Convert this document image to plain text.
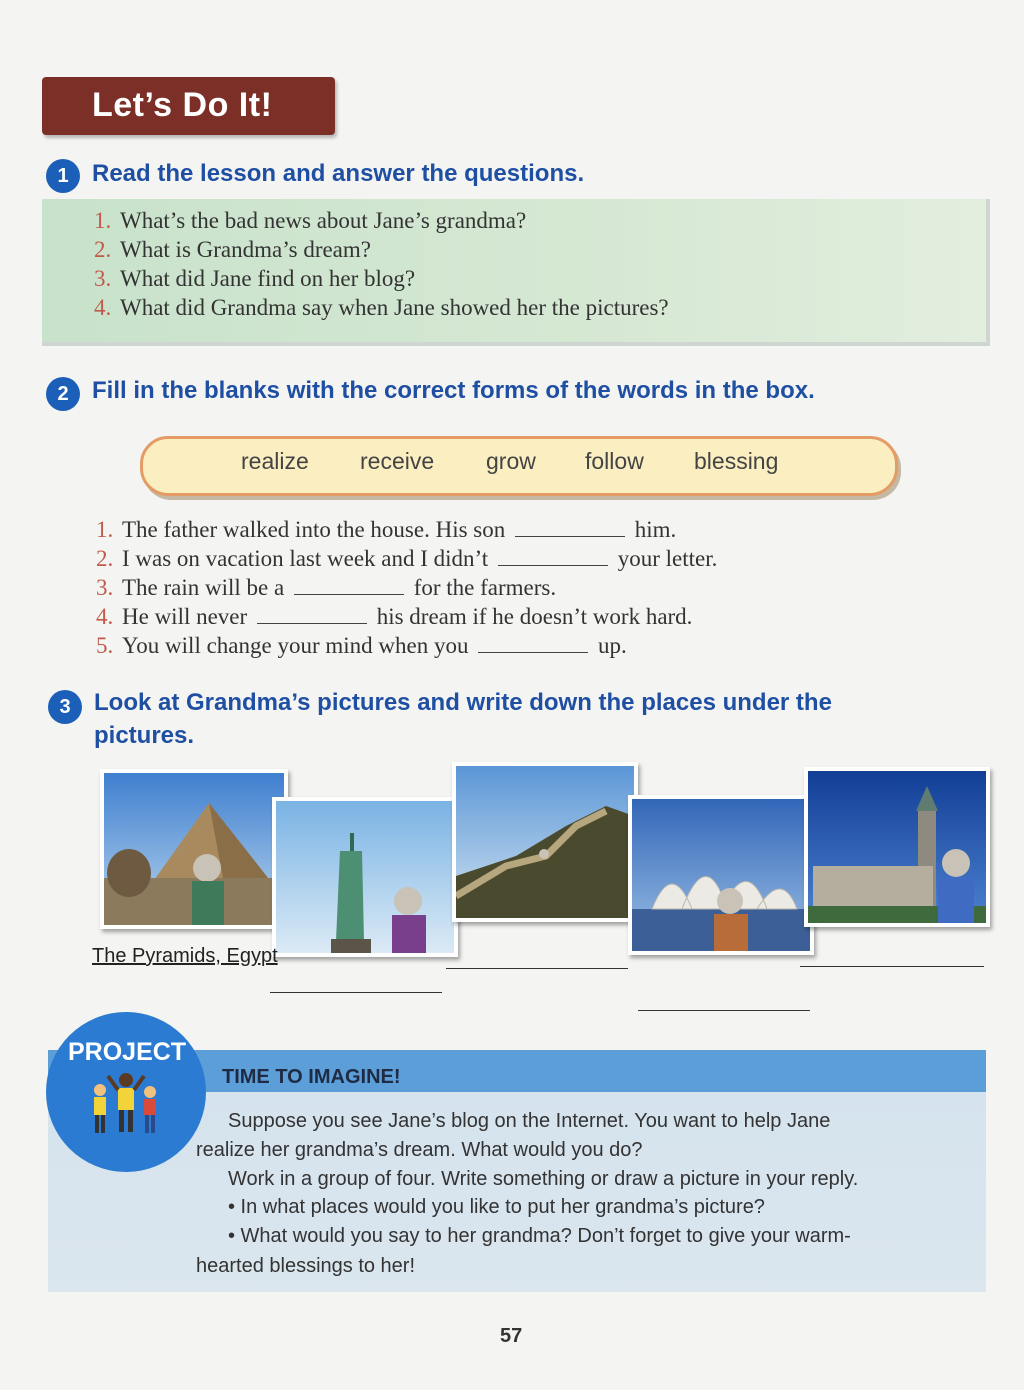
Let’s Do It!
1 Read the lesson and answer the questions.
1. What’s the bad news about Jane’s grandma?
2. What is Grandma’s dream?
3. What did Jane find on her blog?
4. What did Grandma say when Jane showed her the pictures?
2 Fill in the blanks with the correct forms of the words in the box.
realize receive grow follow blessing
1. The father walked into the house. His son	him.
2. I was on vacation last week and I didn’t	your letter.
3. The rain will be a	for the farmers.
4. He will never	his dream if he doesn’t work hard.
5. You will change your mind when you	up.
3 Look at Grandma’s pictures and write down the places under the
pictures.
The Pyramids, Egypt
PROJECT
TIME TO IMAGINE!
Suppose you see Jane’s blog on the Internet. You want to help Jane
realize her grandma’s dream. What would you do?
Work in a group of four. Write something or draw a picture in your reply.
• In what places would you like to put her grandma’s picture?
• What would you say to her grandma? Don’t forget to give your warm-
hearted blessings to her!
57
